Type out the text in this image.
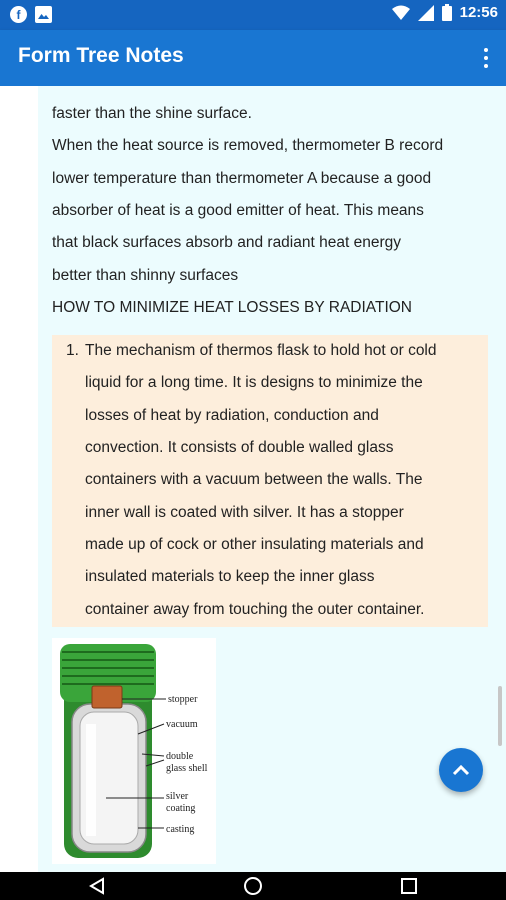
f	12:56
Form Tree Notes
faster than the shine surface.
When the heat source is removed, thermometer B record
lower temperature than thermometer A because a good
absorber of heat is a good emitter of heat. This means
that black surfaces absorb and radiant heat energy
better than shinny surfaces
HOW TO MINIMIZE HEAT LOSSES BY RADIATION
1. The mechanism of thermos flask to hold hot or cold
liquid for a long time. It is designs to minimize the
losses of heat by radiation, conduction and
convection. It consists of double walled glass
containers with a vacuum between the walls. The
inner wall is coated with silver. It has a stopper
made up of cock or other insulating materials and
insulated materials to keep the inner glass
container away from touching the outer container.
stopper
vacuum
double
glass shell
silver
coating
casting
